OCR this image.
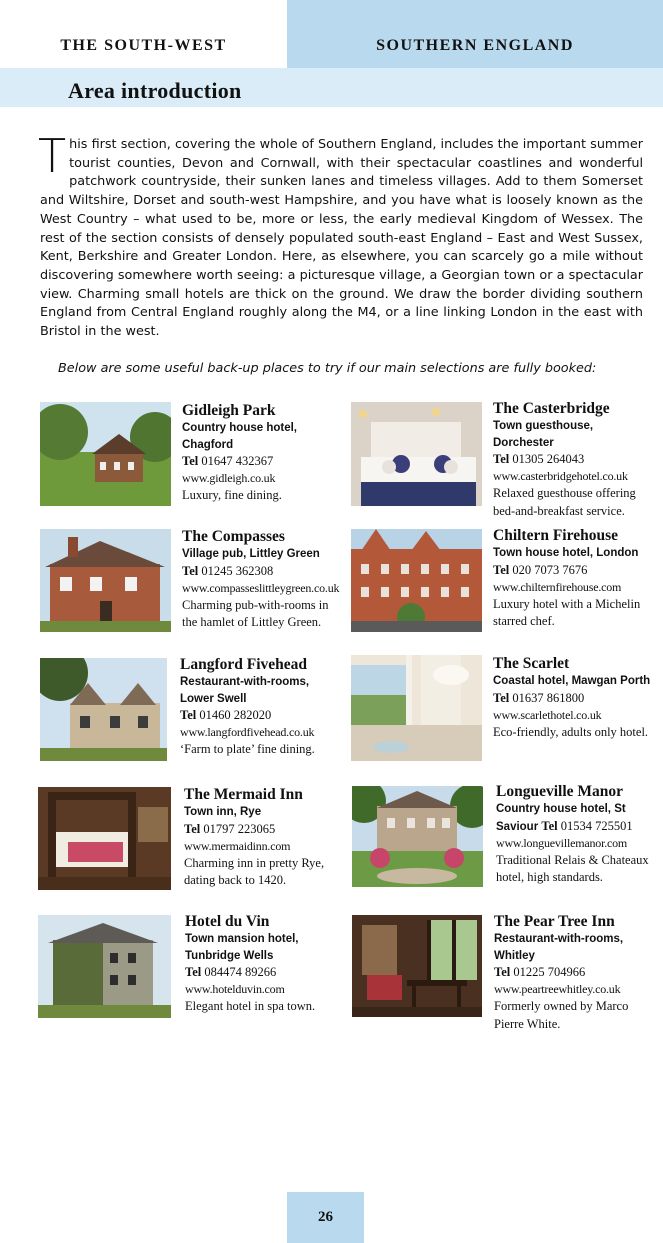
THE SOUTH-WEST	SOUTHERN ENGLAND
Area introduction
This first section, covering the whole of Southern England, includes the important summer tourist counties, Devon and Cornwall, with their spectacular coastlines and wonderful patchwork countryside, their sunken lanes and timeless villages. Add to them Somerset and Wiltshire, Dorset and south-west Hampshire, and you have what is loosely known as the West Country – what used to be, more or less, the early medieval Kingdom of Wessex. The rest of the section consists of densely populated south-east England – East and West Sussex, Kent, Berkshire and Greater London. Here, as elsewhere, you can scarcely go a mile without discovering somewhere worth seeing: a picturesque village, a Georgian town or a spectacular view. Charming small hotels are thick on the ground. We draw the border dividing southern England from Central England roughly along the M4, or a line linking London in the east with Bristol in the west.
Below are some useful back-up places to try if our main selections are fully booked:
Gidleigh Park
Country house hotel, Chagford
Tel 01647 432367
www.gidleigh.co.uk
Luxury, fine dining.
The Casterbridge
Town guesthouse, Dorchester
Tel 01305 264043
www.casterbridgehotel.co.uk
Relaxed guesthouse offering bed-and-breakfast service.
The Compasses
Village pub, Littley Green
Tel 01245 362308
www.compasseslittleygreen.co.uk
Charming pub-with-rooms in the hamlet of Littley Green.
Chiltern Firehouse
Town house hotel, London
Tel 020 7073 7676
www.chilternfirehouse.com
Luxury hotel with a Michelin starred chef.
Langford Fivehead
Restaurant-with-rooms, Lower Swell
Tel 01460 282020
www.langfordfivehead.co.uk
‘Farm to plate’ fine dining.
The Scarlet
Coastal hotel, Mawgan Porth
Tel 01637 861800
www.scarlethotel.co.uk
Eco-friendly, adults only hotel.
The Mermaid Inn
Town inn, Rye
Tel 01797 223065
www.mermaidinn.com
Charming inn in pretty Rye, dating back to 1420.
Longueville Manor
Country house hotel, St Saviour Tel 01534 725501
www.longuevillemanor.com
Traditional Relais & Chateaux hotel, high standards.
Hotel du Vin
Town mansion hotel, Tunbridge Wells
Tel 084474 89266
www.hotelduvin.com
Elegant hotel in spa town.
The Pear Tree Inn
Restaurant-with-rooms, Whitley
Tel 01225 704966
www.peartreewhitley.co.uk
Formerly owned by Marco Pierre White.
26
